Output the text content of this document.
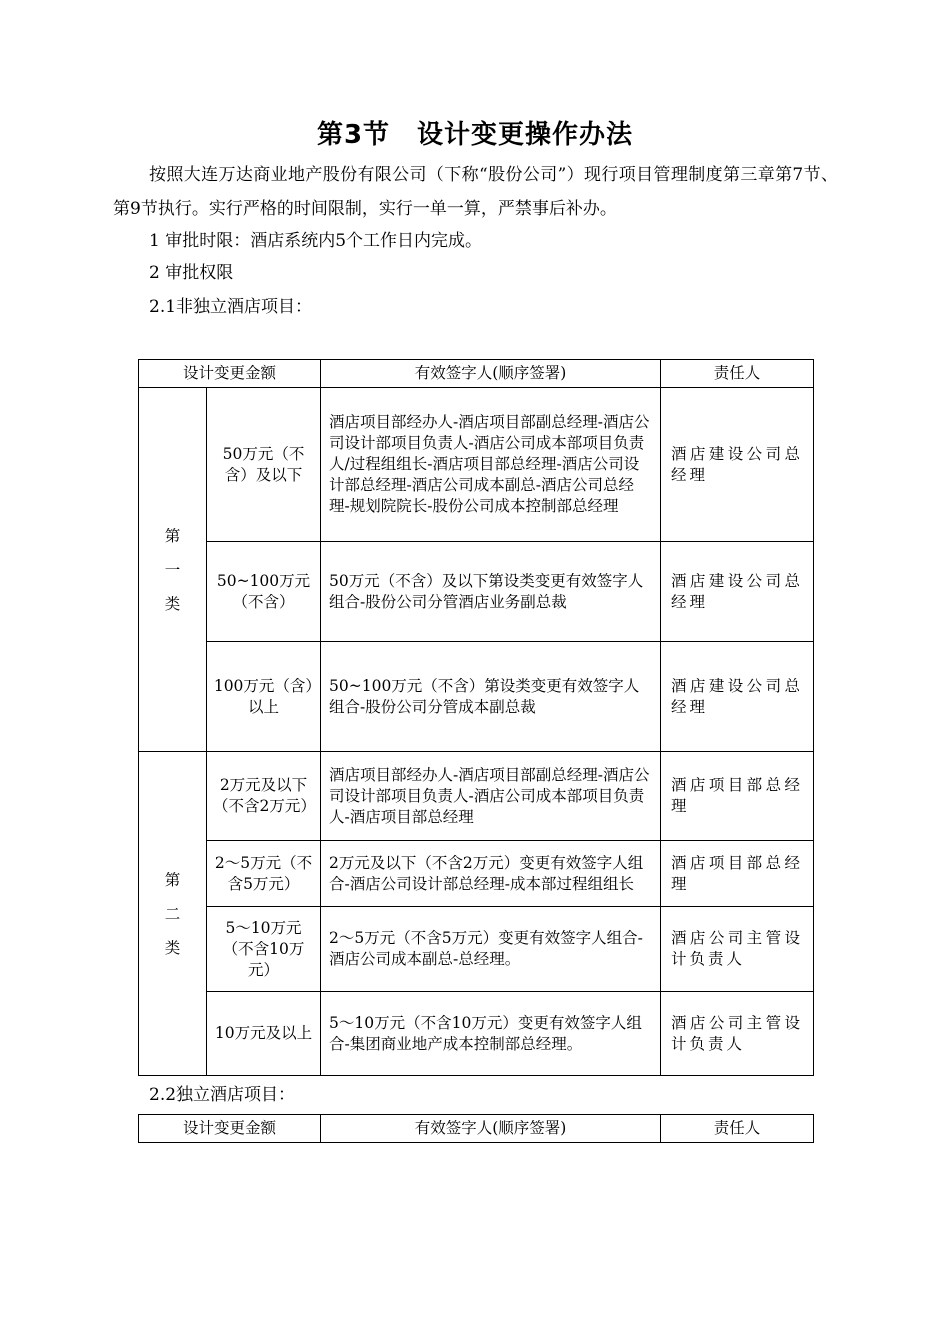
第3节　设计变更操作办法
按照大连万达商业地产股份有限公司（下称“股份公司”）现行项目管理制度第三章第7节、第9节执行。实行严格的时间限制，实行一单一算，严禁事后补办。
1 审批时限：酒店系统内5个工作日内完成。
2 审批权限
2.1非独立酒店项目：
设计变更金额		有效签字人(顺序签署)	责任人

第
一
类	50万元（不含）及以下	酒店项目部经办人-酒店项目部副总经理-酒店公司设计部项目负责人-酒店公司成本部项目负责人/过程组组长-酒店项目部总经理-酒店公司设计部总经理-酒店公司成本副总-酒店公司总经理-规划院院长-股份公司成本控制部总经理	酒店建设公司总经理
	50~100万元（不含）	50万元（不含）及以下第设类变更有效签字人组合-股份公司分管酒店业务副总裁	酒店建设公司总经理
	100万元（含）以上	50~100万元（不含）第设类变更有效签字人组合-股份公司分管成本副总裁	酒店建设公司总经理

第
二
类	2万元及以下（不含2万元）	酒店项目部经办人-酒店项目部副总经理-酒店公司设计部项目负责人-酒店公司成本部项目负责人-酒店项目部总经理	酒店项目部总经理
	2～5万元（不含5万元）	2万元及以下（不含2万元）变更有效签字人组合-酒店公司设计部总经理-成本部过程组组长	酒店项目部总经理
	5～10万元（不含10万元）	2～5万元（不含5万元）变更有效签字人组合-酒店公司成本副总-总经理。	酒店公司主管设计负责人
	10万元及以上	5～10万元（不含10万元）变更有效签字人组合-集团商业地产成本控制部总经理。	酒店公司主管设计负责人
2.2独立酒店项目：
设计变更金额	有效签字人(顺序签署)	责任人
